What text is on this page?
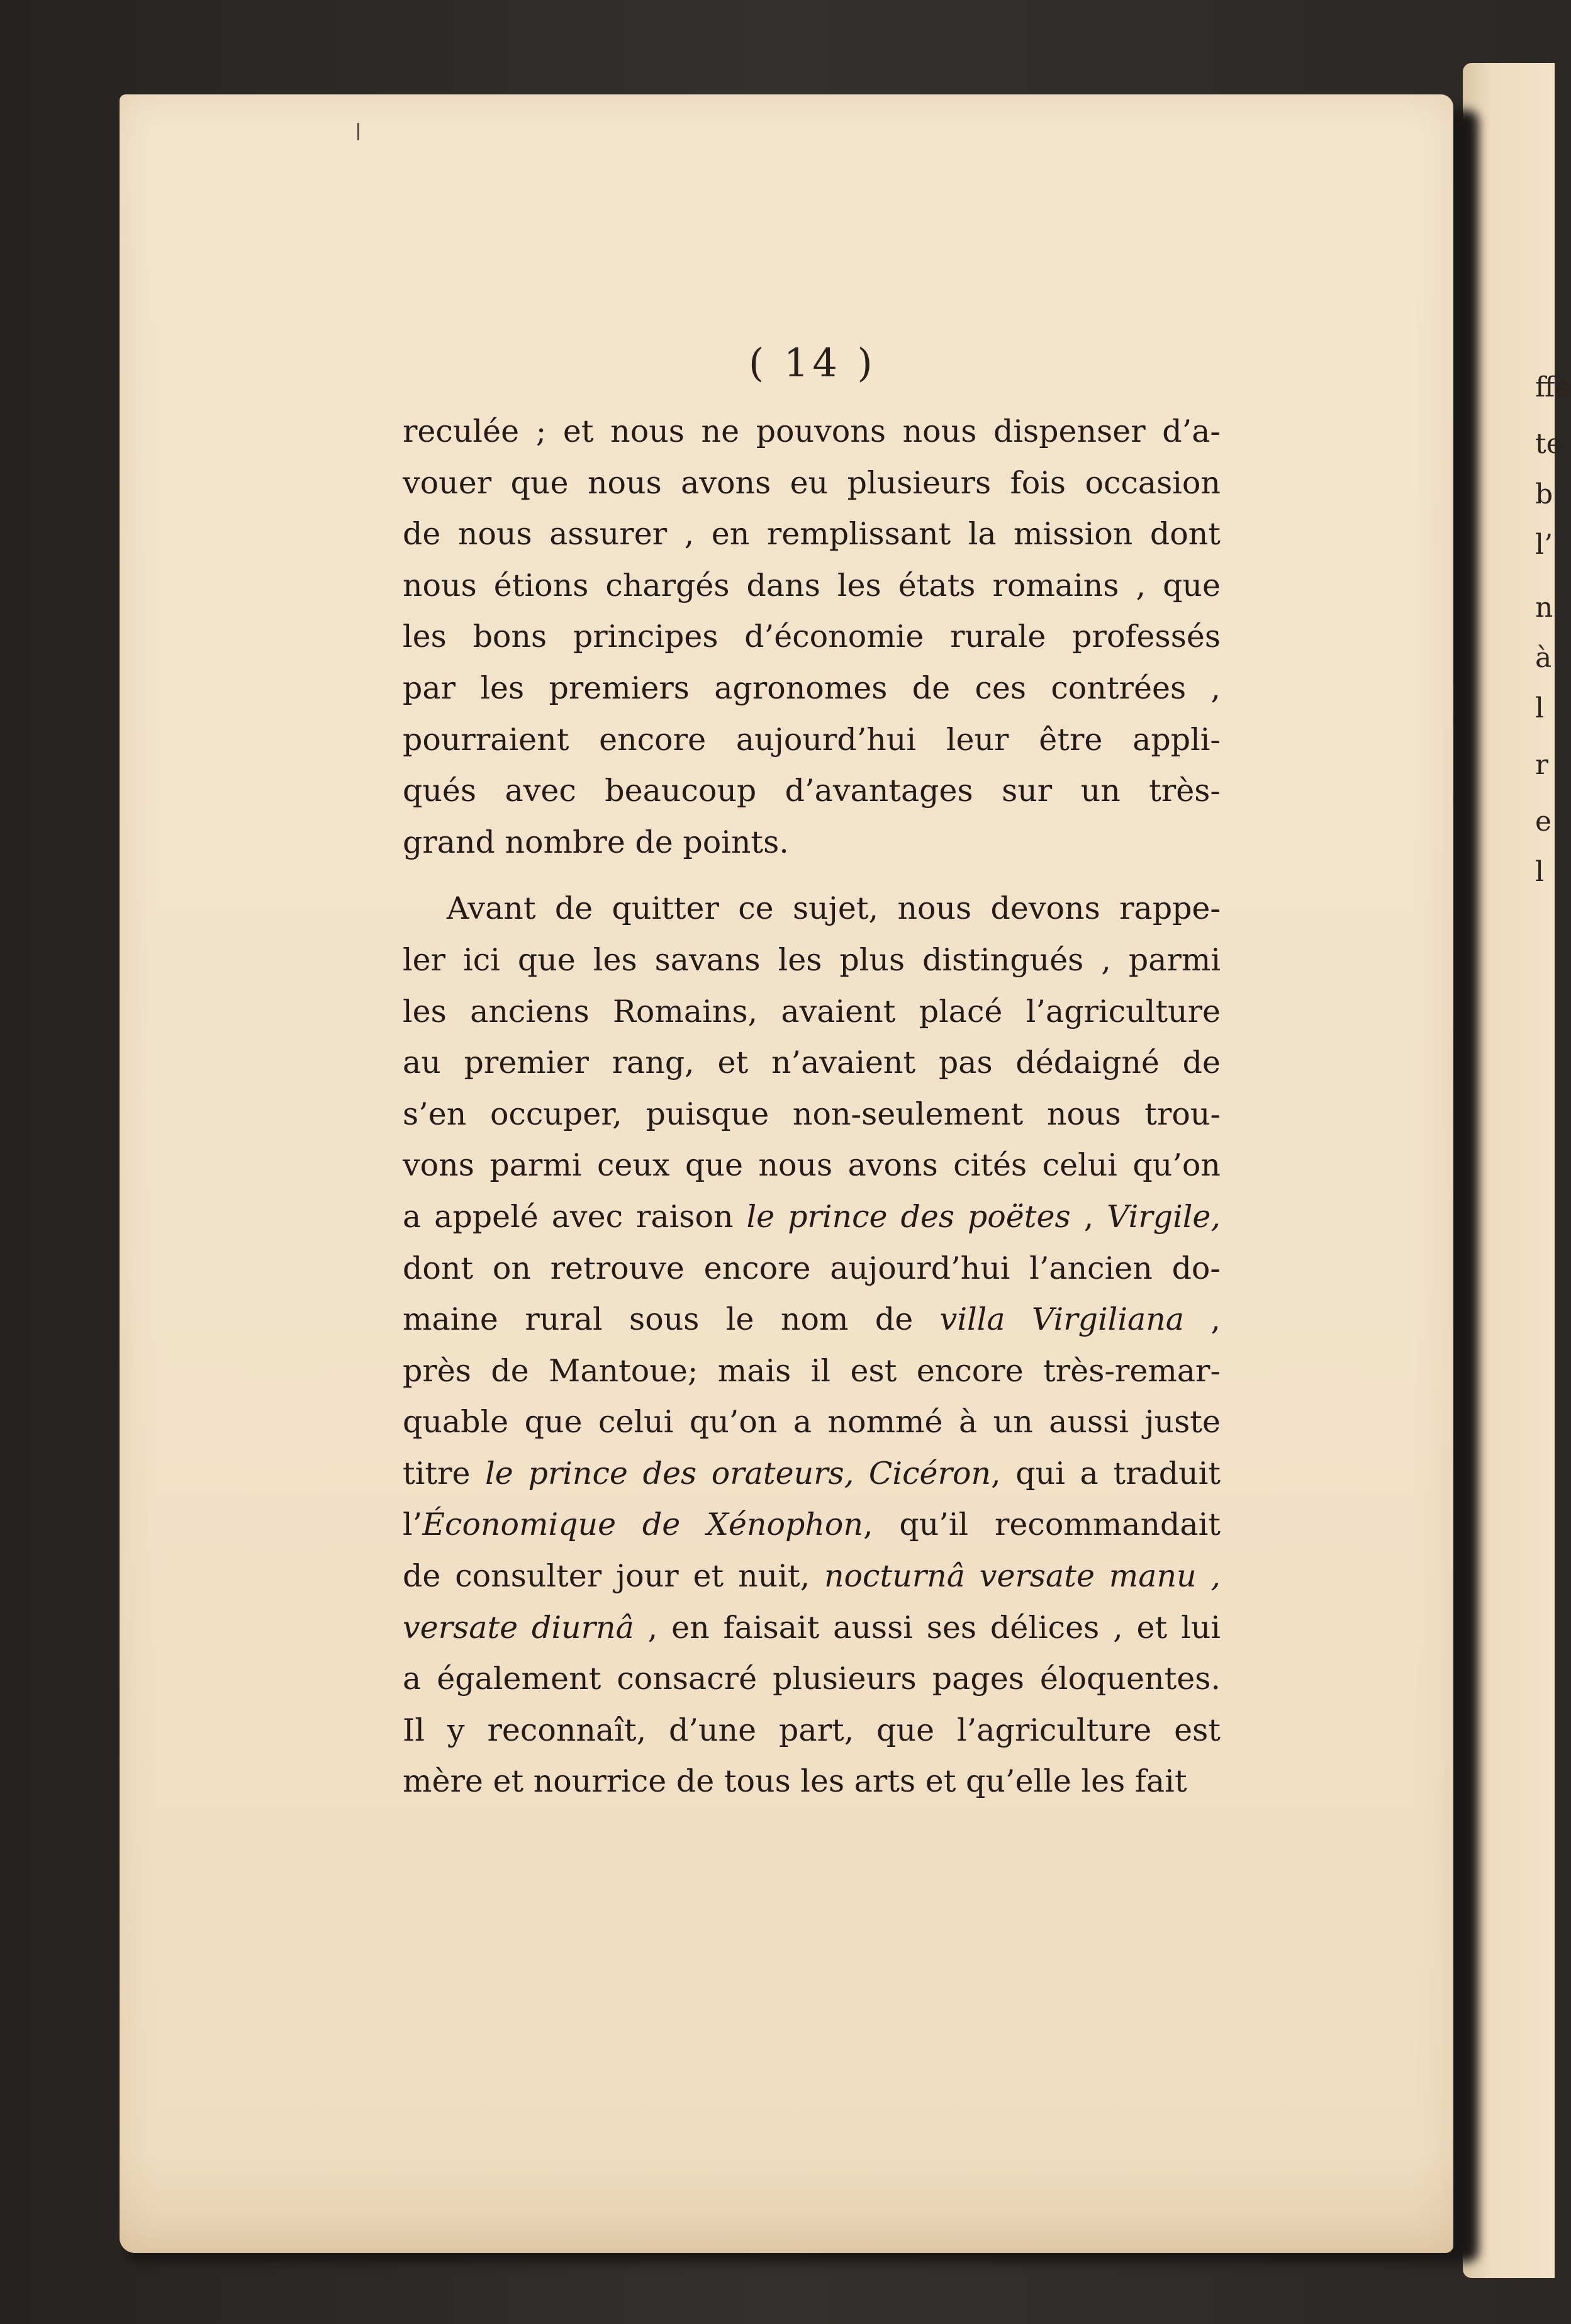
( 14 )
reculée ; et nous ne pouvons nous dispenser d’a-
vouer que nous avons eu plusieurs fois occasion
de nous assurer , en remplissant la mission dont
nous étions chargés dans les états romains , que
les bons principes d’économie rurale professés
par les premiers agronomes de ces contrées ,
pourraient encore aujourd’hui leur être appli-
qués avec beaucoup d’avantages sur un très-
grand nombre de points.
Avant de quitter ce sujet, nous devons rappe-
ler ici que les savans les plus distingués , parmi
les anciens Romains, avaient placé l’agriculture
au premier rang, et n’avaient pas dédaigné de
s’en occuper, puisque non-seulement nous trou-
vons parmi ceux que nous avons cités celui qu’on
a appelé avec raison le prince des poëtes , Virgile,
dont on retrouve encore aujourd’hui l’ancien do-
maine rural sous le nom de villa Virgiliana ,
près de Mantoue; mais il est encore très-remar-
quable que celui qu’on a nommé à un aussi juste
titre le prince des orateurs, Cicéron, qui a traduit
l’Économique de Xénophon, qu’il recommandait
de consulter jour et nuit, nocturnâ versate manu ,
versate diurnâ , en faisait aussi ses délices , et lui
a également consacré plusieurs pages éloquentes.
Il y reconnaît, d’une part, que l’agriculture est
mère et nourrice de tous les arts et qu’elle les fait
ffe
te
b
l’
n
à
l
r
e
l
